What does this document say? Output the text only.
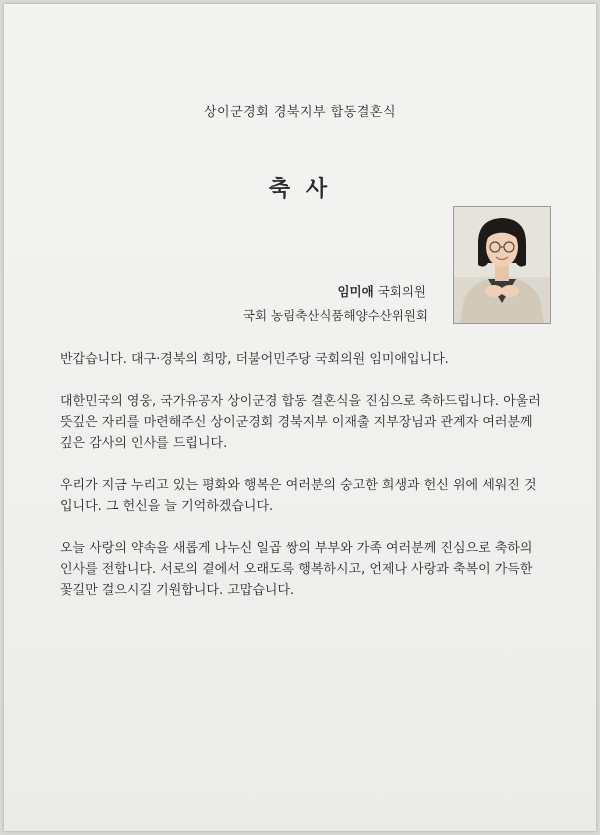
상이군경회 경북지부 합동결혼식
축 사
임미애 국회의원
국회 농림축산식품해양수산위원회

반갑습니다. 대구·경북의 희망, 더불어민주당 국회의원 임미애입니다.

대한민국의 영웅, 국가유공자 상이군경 합동 결혼식을 진심으로 축하드립니다. 아울러 뜻깊은 자리를 마련해주신 상이군경회 경북지부 이재출 지부장님과 관계자 여러분께 깊은 감사의 인사를 드립니다.

우리가 지금 누리고 있는 평화와 행복은 여러분의 숭고한 희생과 헌신 위에 세워진 것입니다. 그 헌신을 늘 기억하겠습니다.

오늘 사랑의 약속을 새롭게 나누신 일곱 쌍의 부부와 가족 여러분께 진심으로 축하의 인사를 전합니다. 서로의 곁에서 오래도록 행복하시고, 언제나 사랑과 축복이 가득한 꽃길만 걸으시길 기원합니다. 고맙습니다.
